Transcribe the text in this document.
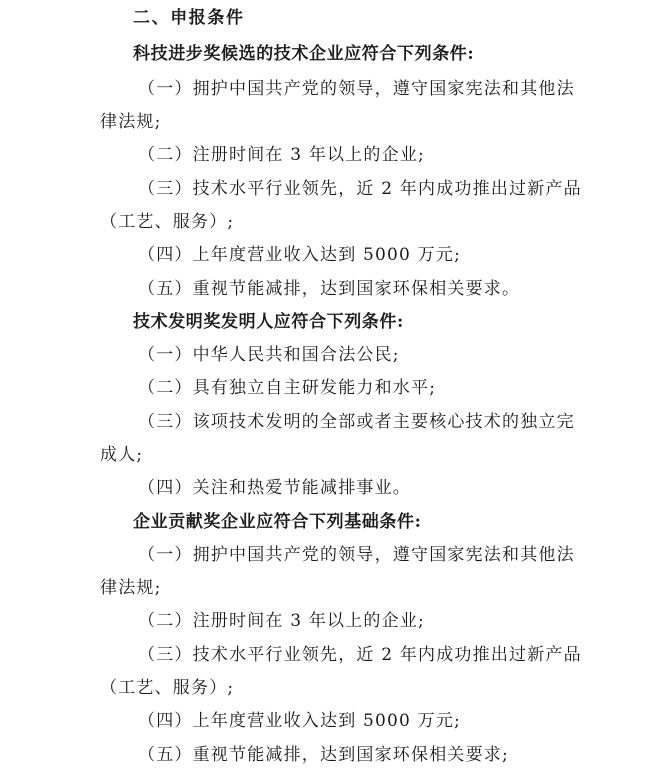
二、申报条件
科技进步奖候选的技术企业应符合下列条件:
（一）拥护中国共产党的领导，遵守国家宪法和其他法
律法规;
（二）注册时间在 3 年以上的企业;
（三）技术水平行业领先，近 2 年内成功推出过新产品
（工艺、服务）;
（四）上年度营业收入达到 5000 万元;
（五）重视节能减排，达到国家环保相关要求。
技术发明奖发明人应符合下列条件:
（一）中华人民共和国合法公民;
（二）具有独立自主研发能力和水平;
（三）该项技术发明的全部或者主要核心技术的独立完
成人;
（四）关注和热爱节能减排事业。
企业贡献奖企业应符合下列基础条件:
（一）拥护中国共产党的领导，遵守国家宪法和其他法
律法规;
（二）注册时间在 3 年以上的企业;
（三）技术水平行业领先，近 2 年内成功推出过新产品
（工艺、服务）;
（四）上年度营业收入达到 5000 万元;
（五）重视节能减排，达到国家环保相关要求;
